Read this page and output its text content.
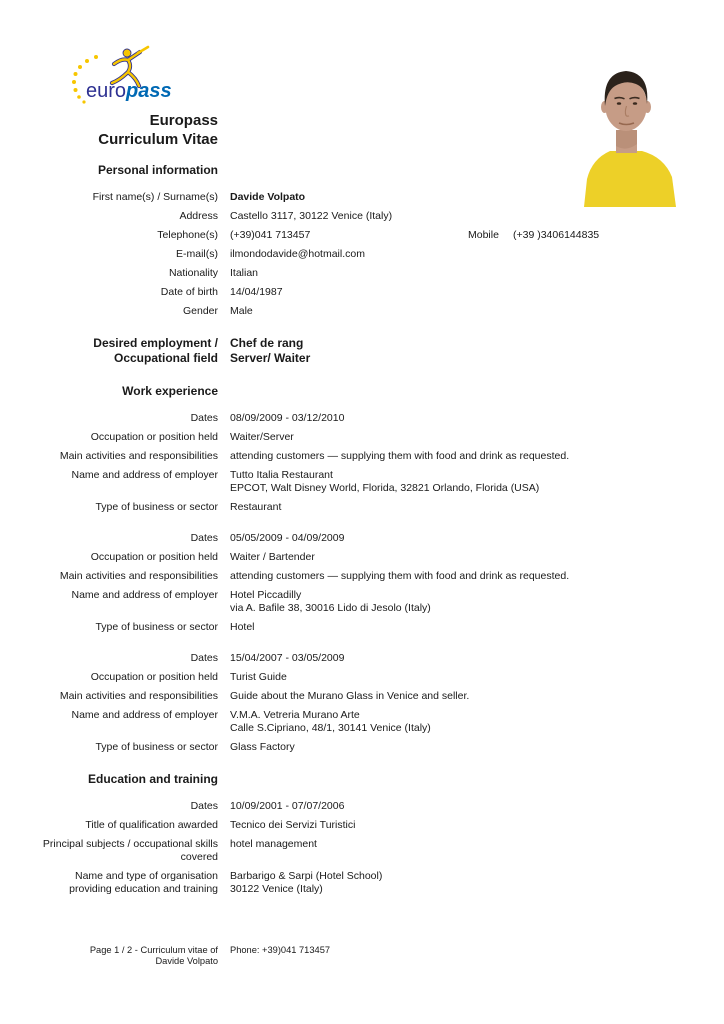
euro pass
Europass
Curriculum Vitae
Personal information
First name(s) / Surname(s) Davide Volpato
Address Castello 3117, 30122 Venice (Italy)
Telephone(s) (+39)041 713457	Mobile	(+39 )3406144835
E-mail(s) ilmondodavide@hotmail.com
Nationality Italian
Date of birth 14/04/1987
Gender Male
Desired employment /
Occupational field
Chef de rang
Server/ Waiter
Work experience
Dates 08/09/2009 - 03/12/2010
Occupation or position held Waiter/Server
Main activities and responsibilities attending customers — supplying them with food and drink as requested.
Name and address of employer Tutto Italia Restaurant
EPCOT, Walt Disney World, Florida, 32821 Orlando, Florida (USA)
Type of business or sector Restaurant
Dates 05/05/2009 - 04/09/2009
Occupation or position held Waiter / Bartender
Main activities and responsibilities attending customers — supplying them with food and drink as requested.
Name and address of employer Hotel Piccadilly
via A. Bafile 38, 30016 Lido di Jesolo (Italy)
Type of business or sector Hotel
Dates 15/04/2007 - 03/05/2009
Occupation or position held Turist Guide
Main activities and responsibilities Guide about the Murano Glass in Venice and seller.
Name and address of employer V.M.A. Vetreria Murano Arte
Calle S.Cipriano, 48/1, 30141 Venice (Italy)
Type of business or sector Glass Factory
Education and training
Dates 10/09/2001 - 07/07/2006
Title of qualification awarded Tecnico dei Servizi Turistici
Principal subjects / occupational skills
covered
hotel management
Name and type of organisation
providing education and training
Barbarigo & Sarpi (Hotel School)
30122 Venice (Italy)
Page 1 / 2 - Curriculum vitae of
Davide Volpato
Phone: +39)041 713457
